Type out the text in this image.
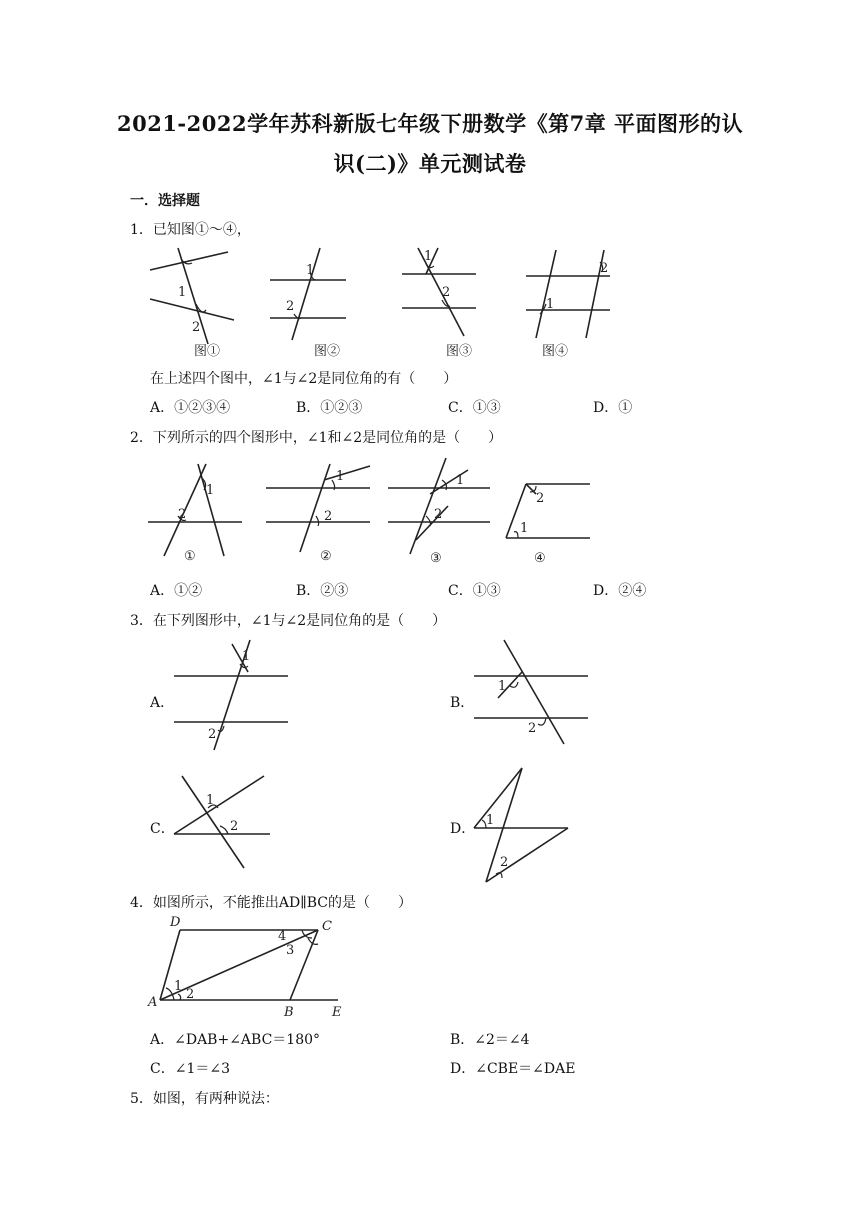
2021-2022学年苏科新版七年级下册数学《第7章 平面图形的认
识(二)》单元测试卷
一．选择题
1．已知图①～④，
1
2
图①
1
2
图②
1
2
图③
1
2
图④
在上述四个图中，∠1与∠2是同位角的有（　　）
A．①②③④	B．①②③	C．①③	D．①
2．下列所示的四个图形中，∠1和∠2是同位角的是（　　）
1
2
①
1
2
②
1
2
③
2
1
④
A．①②	B．②③	C．①③	D．②④
3．在下列图形中，∠1与∠2是同位角的是（　　）
A．
1
2
B．
1
2
C．
1
2	D．
1
2
4．如图所示，不能推出AD∥BC的是（　　）
D	C
A
B	E
1
2
3
4
A．∠DAB+∠ABC＝180°	B．∠2＝∠4
C．∠1＝∠3	D．∠CBE＝∠DAE
5．如图，有两种说法：
